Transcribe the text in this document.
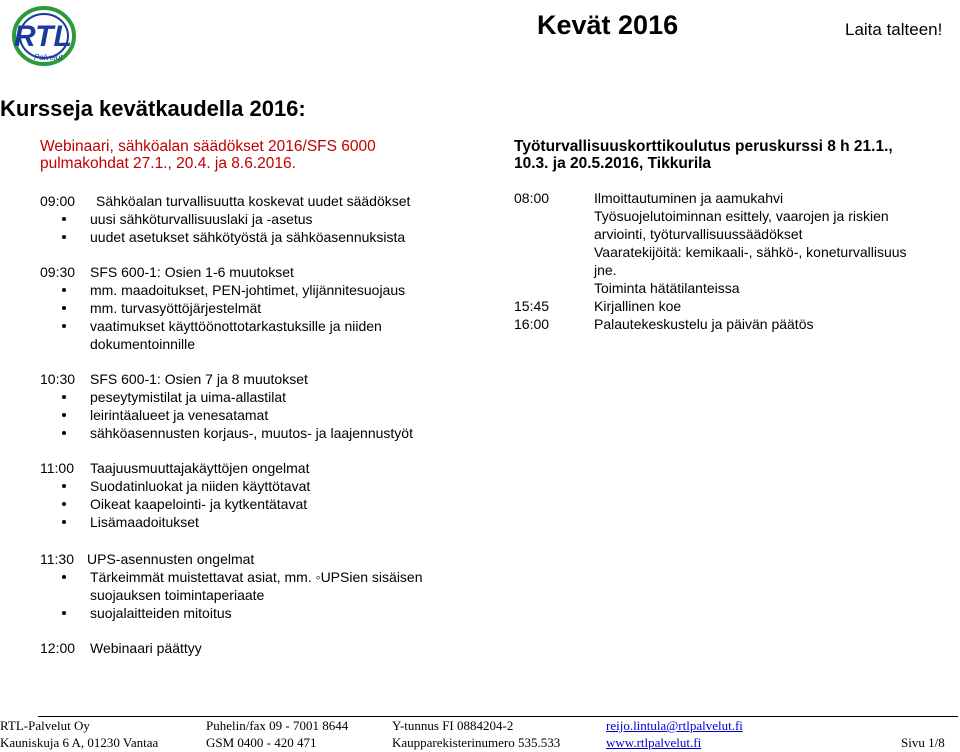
RTL
Palvelut
Kevät 2016	Laita talteen!
Kursseja kevätkaudella 2016:
Webinaari, sähköalan säädökset 2016/SFS 6000
pulmakohdat 27.1., 20.4. ja 8.6.2016.
Työturvallisuuskorttikoulutus peruskurssi 8 h 21.1.,
10.3. ja 20.5.2016, Tikkurila
09:00 Sähköalan turvallisuutta koskevat uudet säädökset
uusi sähköturvallisuuslaki ja -asetus
uudet asetukset sähkötyöstä ja sähköasennuksista
09:30 SFS 600-1: Osien 1-6 muutokset
mm. maadoitukset, PEN-johtimet, ylijännitesuojaus
mm. turvasyöttöjärjestelmät
vaatimukset käyttöönottotarkastuksille ja niiden
dokumentoinnille
10:30 SFS 600-1: Osien 7 ja 8 muutokset
peseytymistilat ja uima-allastilat
leirintäalueet ja venesatamat
sähköasennusten korjaus-, muutos- ja laajennustyöt
11:00 Taajuusmuuttajakäyttöjen ongelmat
Suodatinluokat ja niiden käyttötavat
Oikeat kaapelointi- ja kytkentätavat
Lisämaadoitukset
11:30 UPS-asennusten ongelmat
Tärkeimmät muistettavat asiat, mm. ◦UPSien sisäisen
suojauksen toimintaperiaate
suojalaitteiden mitoitus
12:00 Webinaari päättyy
08:00	Ilmoittautuminen ja aamukahvi
Työsuojelutoiminnan esittely, vaarojen ja riskien
arviointi, työturvallisuussäädökset
Vaaratekijöitä: kemikaali-, sähkö-, koneturvallisuus
jne.
Toiminta hätätilanteissa
15:45	Kirjallinen koe
16:00	Palautekeskustelu ja päivän päätös
RTL-Palvelut Oy
Kauniskuja 6 A, 01230 Vantaa
Puhelin/fax 09 - 7001 8644
GSM 0400 - 420 471
Y-tunnus FI 0884204-2
Kaupparekisterinumero 535.533
reijo.lintula@rtlpalvelut.fi
www.rtlpalvelut.fi	Sivu 1/8
